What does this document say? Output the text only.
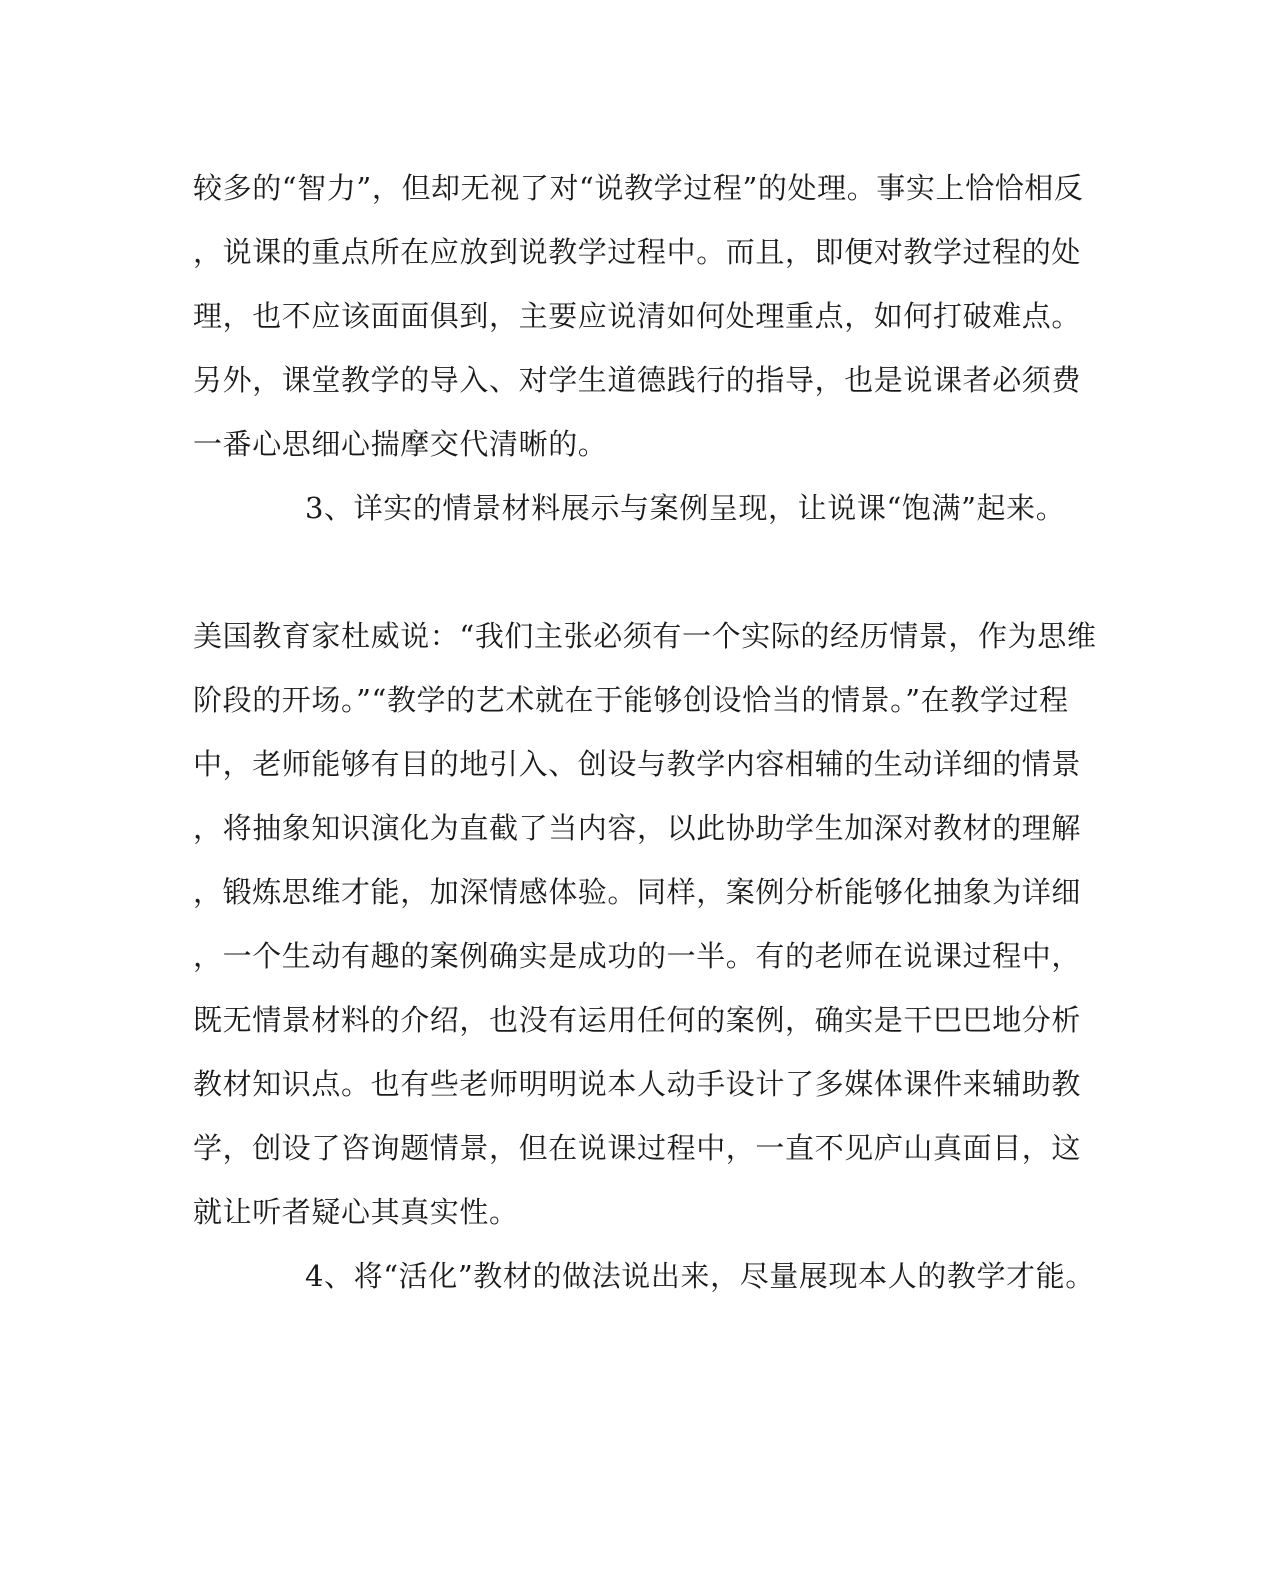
较多的“智力”，但却无视了对“说教学过程”的处理。事实上恰恰相反
，说课的重点所在应放到说教学过程中。而且，即便对教学过程的处
理，也不应该面面俱到，主要应说清如何处理重点，如何打破难点。
另外，课堂教学的导入、对学生道德践行的指导，也是说课者必须费
一番心思细心揣摩交代清晰的。
3、详实的情景材料展示与案例呈现，让说课“饱满”起来。
美国教育家杜威说：“我们主张必须有一个实际的经历情景，作为思维
阶段的开场。”“教学的艺术就在于能够创设恰当的情景。”在教学过程
中，老师能够有目的地引入、创设与教学内容相辅的生动详细的情景
，将抽象知识演化为直截了当内容，以此协助学生加深对教材的理解
，锻炼思维才能，加深情感体验。同样，案例分析能够化抽象为详细
，一个生动有趣的案例确实是成功的一半。有的老师在说课过程中，
既无情景材料的介绍，也没有运用任何的案例，确实是干巴巴地分析
教材知识点。也有些老师明明说本人动手设计了多媒体课件来辅助教
学，创设了咨询题情景，但在说课过程中，一直不见庐山真面目，这
就让听者疑心其真实性。
4、将“活化”教材的做法说出来，尽量展现本人的教学才能。
